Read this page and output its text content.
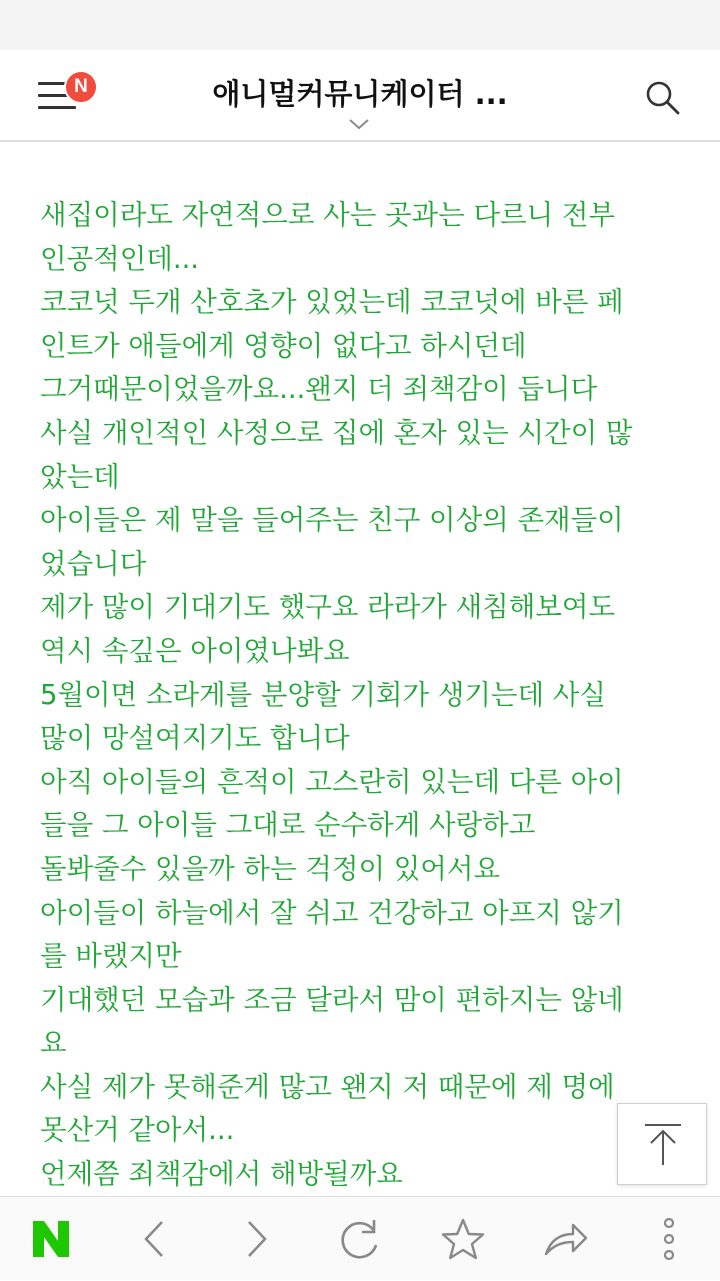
N	애니멀커뮤니케이터 ...
새집이라도 자연적으로 사는 곳과는 다르니 전부
인공적인데...
코코넛 두개 산호초가 있었는데 코코넛에 바른 페
인트가 애들에게 영향이 없다고 하시던데
그거때문이었을까요...왠지 더 죄책감이 듭니다
사실 개인적인 사정으로 집에 혼자 있는 시간이 많
았는데
아이들은 제 말을 들어주는 친구 이상의 존재들이
었습니다
제가 많이 기대기도 했구요 라라가 새침해보여도
역시 속깊은 아이였나봐요
5월이면 소라게를 분양할 기회가 생기는데 사실
많이 망설여지기도 합니다
아직 아이들의 흔적이 고스란히 있는데 다른 아이
들을 그 아이들 그대로 순수하게 사랑하고
돌봐줄수 있을까 하는 걱정이 있어서요
아이들이 하늘에서 잘 쉬고 건강하고 아프지 않기
를 바랬지만
기대했던 모습과 조금 달라서 맘이 편하지는 않네
요
사실 제가 못해준게 많고 왠지 저 때문에 제 명에
못산거 같아서...
언제쯤 죄책감에서 해방될까요
